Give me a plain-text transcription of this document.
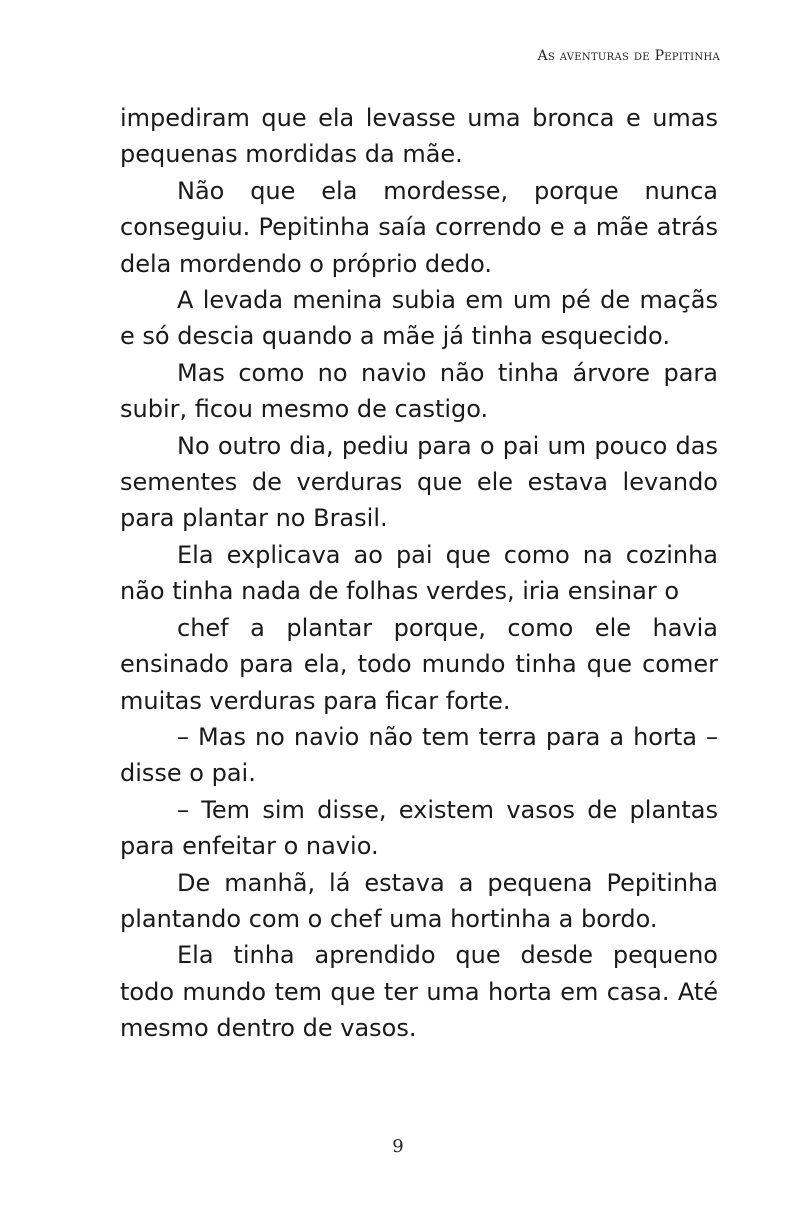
As aventuras de Pepitinha

impediram que ela levasse uma bronca e umas pequenas mordidas da mãe.

Não que ela mordesse, porque nunca conseguiu. Pepitinha saía correndo e a mãe atrás dela mordendo o próprio dedo.

A levada menina subia em um pé de maçãs e só descia quando a mãe já tinha esquecido.

Mas como no navio não tinha árvore para subir, ficou mesmo de castigo.

No outro dia, pediu para o pai um pouco das sementes de verduras que ele estava levando para plantar no Brasil.

Ela explicava ao pai que como na cozinha não tinha nada de folhas verdes, iria ensinar o

chef a plantar porque, como ele havia ensinado para ela, todo mundo tinha que comer muitas verduras para ficar forte.

– Mas no navio não tem terra para a horta – disse o pai.

– Tem sim disse, existem vasos de plantas para enfeitar o navio.

De manhã, lá estava a pequena Pepitinha plantando com o chef uma hortinha a bordo.

Ela tinha aprendido que desde pequeno todo mundo tem que ter uma horta em casa. Até mesmo dentro de vasos.

9
